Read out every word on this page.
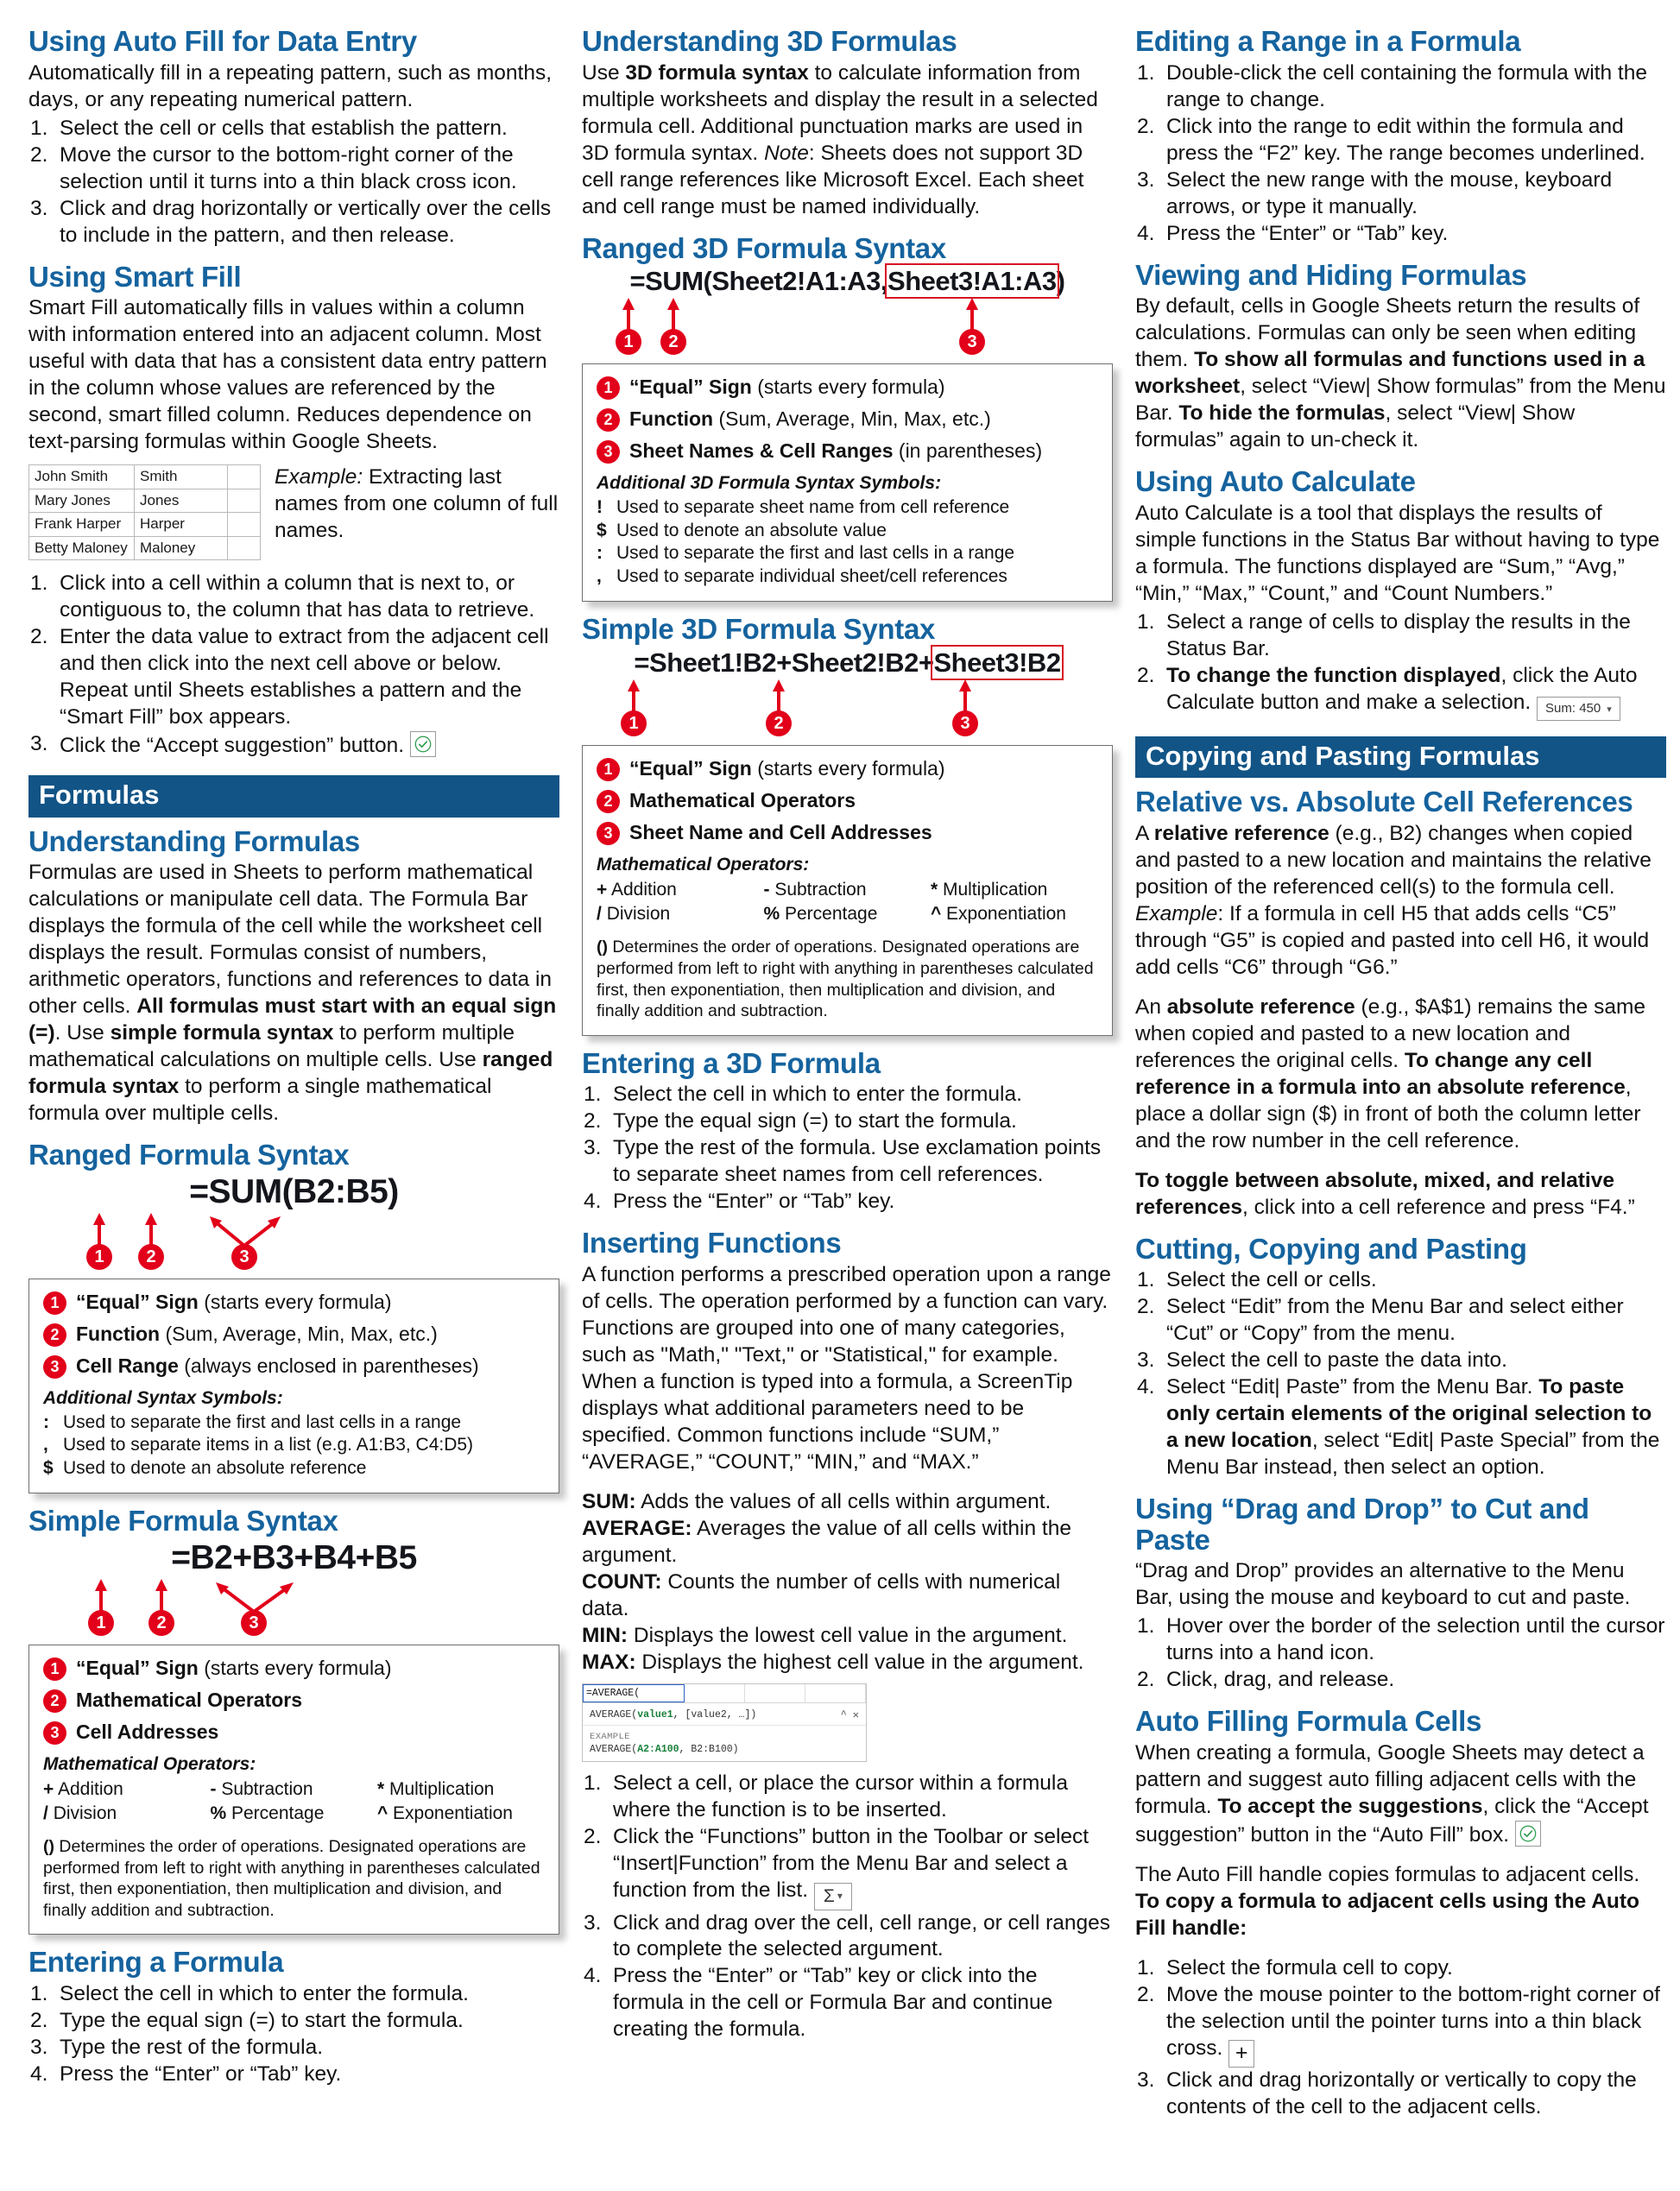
Using Auto Fill for Data Entry

Automatically fill in a repeating pattern, such as months, days, or any repeating numerical pattern.

Select the cell or cells that establish the pattern.
Move the cursor to the bottom-right corner of the selection until it turns into a thin black cross icon.
Click and drag horizontally or vertically over the cells to include in the pattern, and then release.
Using Smart Fill

Smart Fill automatically fills in values within a column with information entered into an adjacent column. Most useful with data that has a consistent data entry pattern in the column whose values are referenced by the second, smart filled column. Reduces dependence on text-parsing formulas within Google Sheets.

John Smith	Smith	
Mary Jones	Jones	
Frank Harper	Harper	
Betty Maloney	Maloney	
Example: Extracting last names from one column of full names.
Click into a cell within a column that is next to, or contiguous to, the column that has data to retrieve.
Enter the data value to extract from the adjacent cell and then click into the next cell above or below. Repeat until Sheets establishes a pattern and the “Smart Fill” box appears.
Click the “Accept suggestion” button.
Formulas
Understanding Formulas

Formulas are used in Sheets to perform mathematical calculations or manipulate cell data. The Formula Bar displays the formula of the cell while the worksheet cell displays the result. Formulas consist of numbers, arithmetic operators, functions and references to data in other cells. All formulas must start with an equal sign (=). Use simple formula syntax to perform multiple mathematical calculations on multiple cells. Use ranged formula syntax to perform a single mathematical formula over multiple cells.

Ranged Formula Syntax
=SUM(B2:B5)
1	2	3
1 “Equal” Sign (starts every formula)
2 Function (Sum, Average, Min, Max, etc.)
3 Cell Range (always enclosed in parentheses)
Additional Syntax Symbols:
: Used to separate the first and last cells in a range
, Used to separate items in a list (e.g. A1:B3, C4:D5)
$ Used to denote an absolute reference
Simple Formula Syntax
=B2+B3+B4+B5
1	2	3
1 “Equal” Sign (starts every formula)
2 Mathematical Operators
3 Cell Addresses
Mathematical Operators:
+ Addition	- Subtraction	* Multiplication
/ Division	% Percentage	^ Exponentiation
() Determines the order of operations. Designated operations are performed from left to right with anything in parentheses calculated first, then exponentiation, then multiplication and division, and finally addition and subtraction.
Entering a Formula
Select the cell in which to enter the formula.
Type the equal sign (=) to start the formula.
Type the rest of the formula.
Press the “Enter” or “Tab” key.
Understanding 3D Formulas

Use 3D formula syntax to calculate information from multiple worksheets and display the result in a selected formula cell. Additional punctuation marks are used in 3D formula syntax. Note: Sheets does not support 3D cell range references like Microsoft Excel. Each sheet and cell range must be named individually.

Ranged 3D Formula Syntax
=SUM(Sheet2!A1:A3,Sheet3!A1:A3)
1	2	3
1 “Equal” Sign (starts every formula)
2 Function (Sum, Average, Min, Max, etc.)
3 Sheet Names & Cell Ranges (in parentheses)
Additional 3D Formula Syntax Symbols:
! Used to separate sheet name from cell reference
$ Used to denote an absolute value
: Used to separate the first and last cells in a range
, Used to separate individual sheet/cell references
Simple 3D Formula Syntax
=Sheet1!B2+Sheet2!B2+Sheet3!B2
1	2	3
1 “Equal” Sign (starts every formula)
2 Mathematical Operators
3 Sheet Name and Cell Addresses
Mathematical Operators:
+ Addition	- Subtraction	* Multiplication
/ Division	% Percentage	^ Exponentiation
() Determines the order of operations. Designated operations are performed from left to right with anything in parentheses calculated first, then exponentiation, then multiplication and division, and finally addition and subtraction.
Entering a 3D Formula
Select the cell in which to enter the formula.
Type the equal sign (=) to start the formula.
Type the rest of the formula. Use exclamation points to separate sheet names from cell references.
Press the “Enter” or “Tab” key.
Inserting Functions

A function performs a prescribed operation upon a range of cells. The operation performed by a function can vary. Functions are grouped into one of many categories, such as "Math," "Text," or "Statistical," for example. When a function is typed into a formula, a ScreenTip displays what additional parameters need to be specified. Common functions include “SUM,” “AVERAGE,” “COUNT,” “MIN,” and “MAX.”

SUM: Adds the values of all cells within argument.
AVERAGE: Averages the value of all cells within the argument.
COUNT: Counts the number of cells with numerical data.
MIN: Displays the lowest cell value in the argument.
MAX: Displays the highest cell value in the argument.

=AVERAGE(
AVERAGE(value1, [value2, …])	^ ✕
EXAMPLE
AVERAGE(A2:A100, B2:B100)
Select a cell, or place the cursor within a formula where the function is to be inserted.
Click the “Functions” button in the Toolbar or select “Insert|Function” from the Menu Bar and select a function from the list. Σ ▾
Click and drag over the cell, cell range, or cell ranges to complete the selected argument.
Press the “Enter” or “Tab” key or click into the formula in the cell or Formula Bar and continue creating the formula.
Editing a Range in a Formula
Double-click the cell containing the formula with the range to change.
Click into the range to edit within the formula and press the “F2” key. The range becomes underlined.
Select the new range with the mouse, keyboard arrows, or type it manually.
Press the “Enter” or “Tab” key.
Viewing and Hiding Formulas

By default, cells in Google Sheets return the results of calculations. Formulas can only be seen when editing them. To show all formulas and functions used in a worksheet, select “View| Show formulas” from the Menu Bar. To hide the formulas, select “View| Show formulas” again to un-check it.

Using Auto Calculate

Auto Calculate is a tool that displays the results of simple functions in the Status Bar without having to type a formula. The functions displayed are “Sum,” “Avg,” “Min,” “Max,” “Count,” and “Count Numbers.”

Select a range of cells to display the results in the Status Bar.
To change the function displayed, click the Auto Calculate button and make a selection. Sum: 450 ▾
Copying and Pasting Formulas
Relative vs. Absolute Cell References

A relative reference (e.g., B2) changes when copied and pasted to a new location and maintains the relative position of the referenced cell(s) to the formula cell. Example: If a formula in cell H5 that adds cells “C5” through “G5” is copied and pasted into cell H6, it would add cells “C6” through “G6.”

An absolute reference (e.g., $A$1) remains the same when copied and pasted to a new location and references the original cells. To change any cell reference in a formula into an absolute reference, place a dollar sign ($) in front of both the column letter and the row number in the cell reference.

To toggle between absolute, mixed, and relative references, click into a cell reference and press “F4.”

Cutting, Copying and Pasting
Select the cell or cells.
Select “Edit” from the Menu Bar and select either “Cut” or “Copy” from the menu.
Select the cell to paste the data into.
Select “Edit| Paste” from the Menu Bar. To paste only certain elements of the original selection to a new location, select “Edit| Paste Special” from the Menu Bar instead, then select an option.
Using “Drag and Drop” to Cut and Paste

“Drag and Drop” provides an alternative to the Menu Bar, using the mouse and keyboard to cut and paste.

Hover over the border of the selection until the cursor turns into a hand icon.
Click, drag, and release.
Auto Filling Formula Cells

When creating a formula, Google Sheets may detect a pattern and suggest auto filling adjacent cells with the formula. To accept the suggestions, click the “Accept suggestion” button in the “Auto Fill” box.

The Auto Fill handle copies formulas to adjacent cells. To copy a formula to adjacent cells using the Auto Fill handle:

Select the formula cell to copy.
Move the mouse pointer to the bottom-right corner of the selection until the pointer turns into a thin black cross. +
Click and drag horizontally or vertically to copy the contents of the cell to the adjacent cells.
